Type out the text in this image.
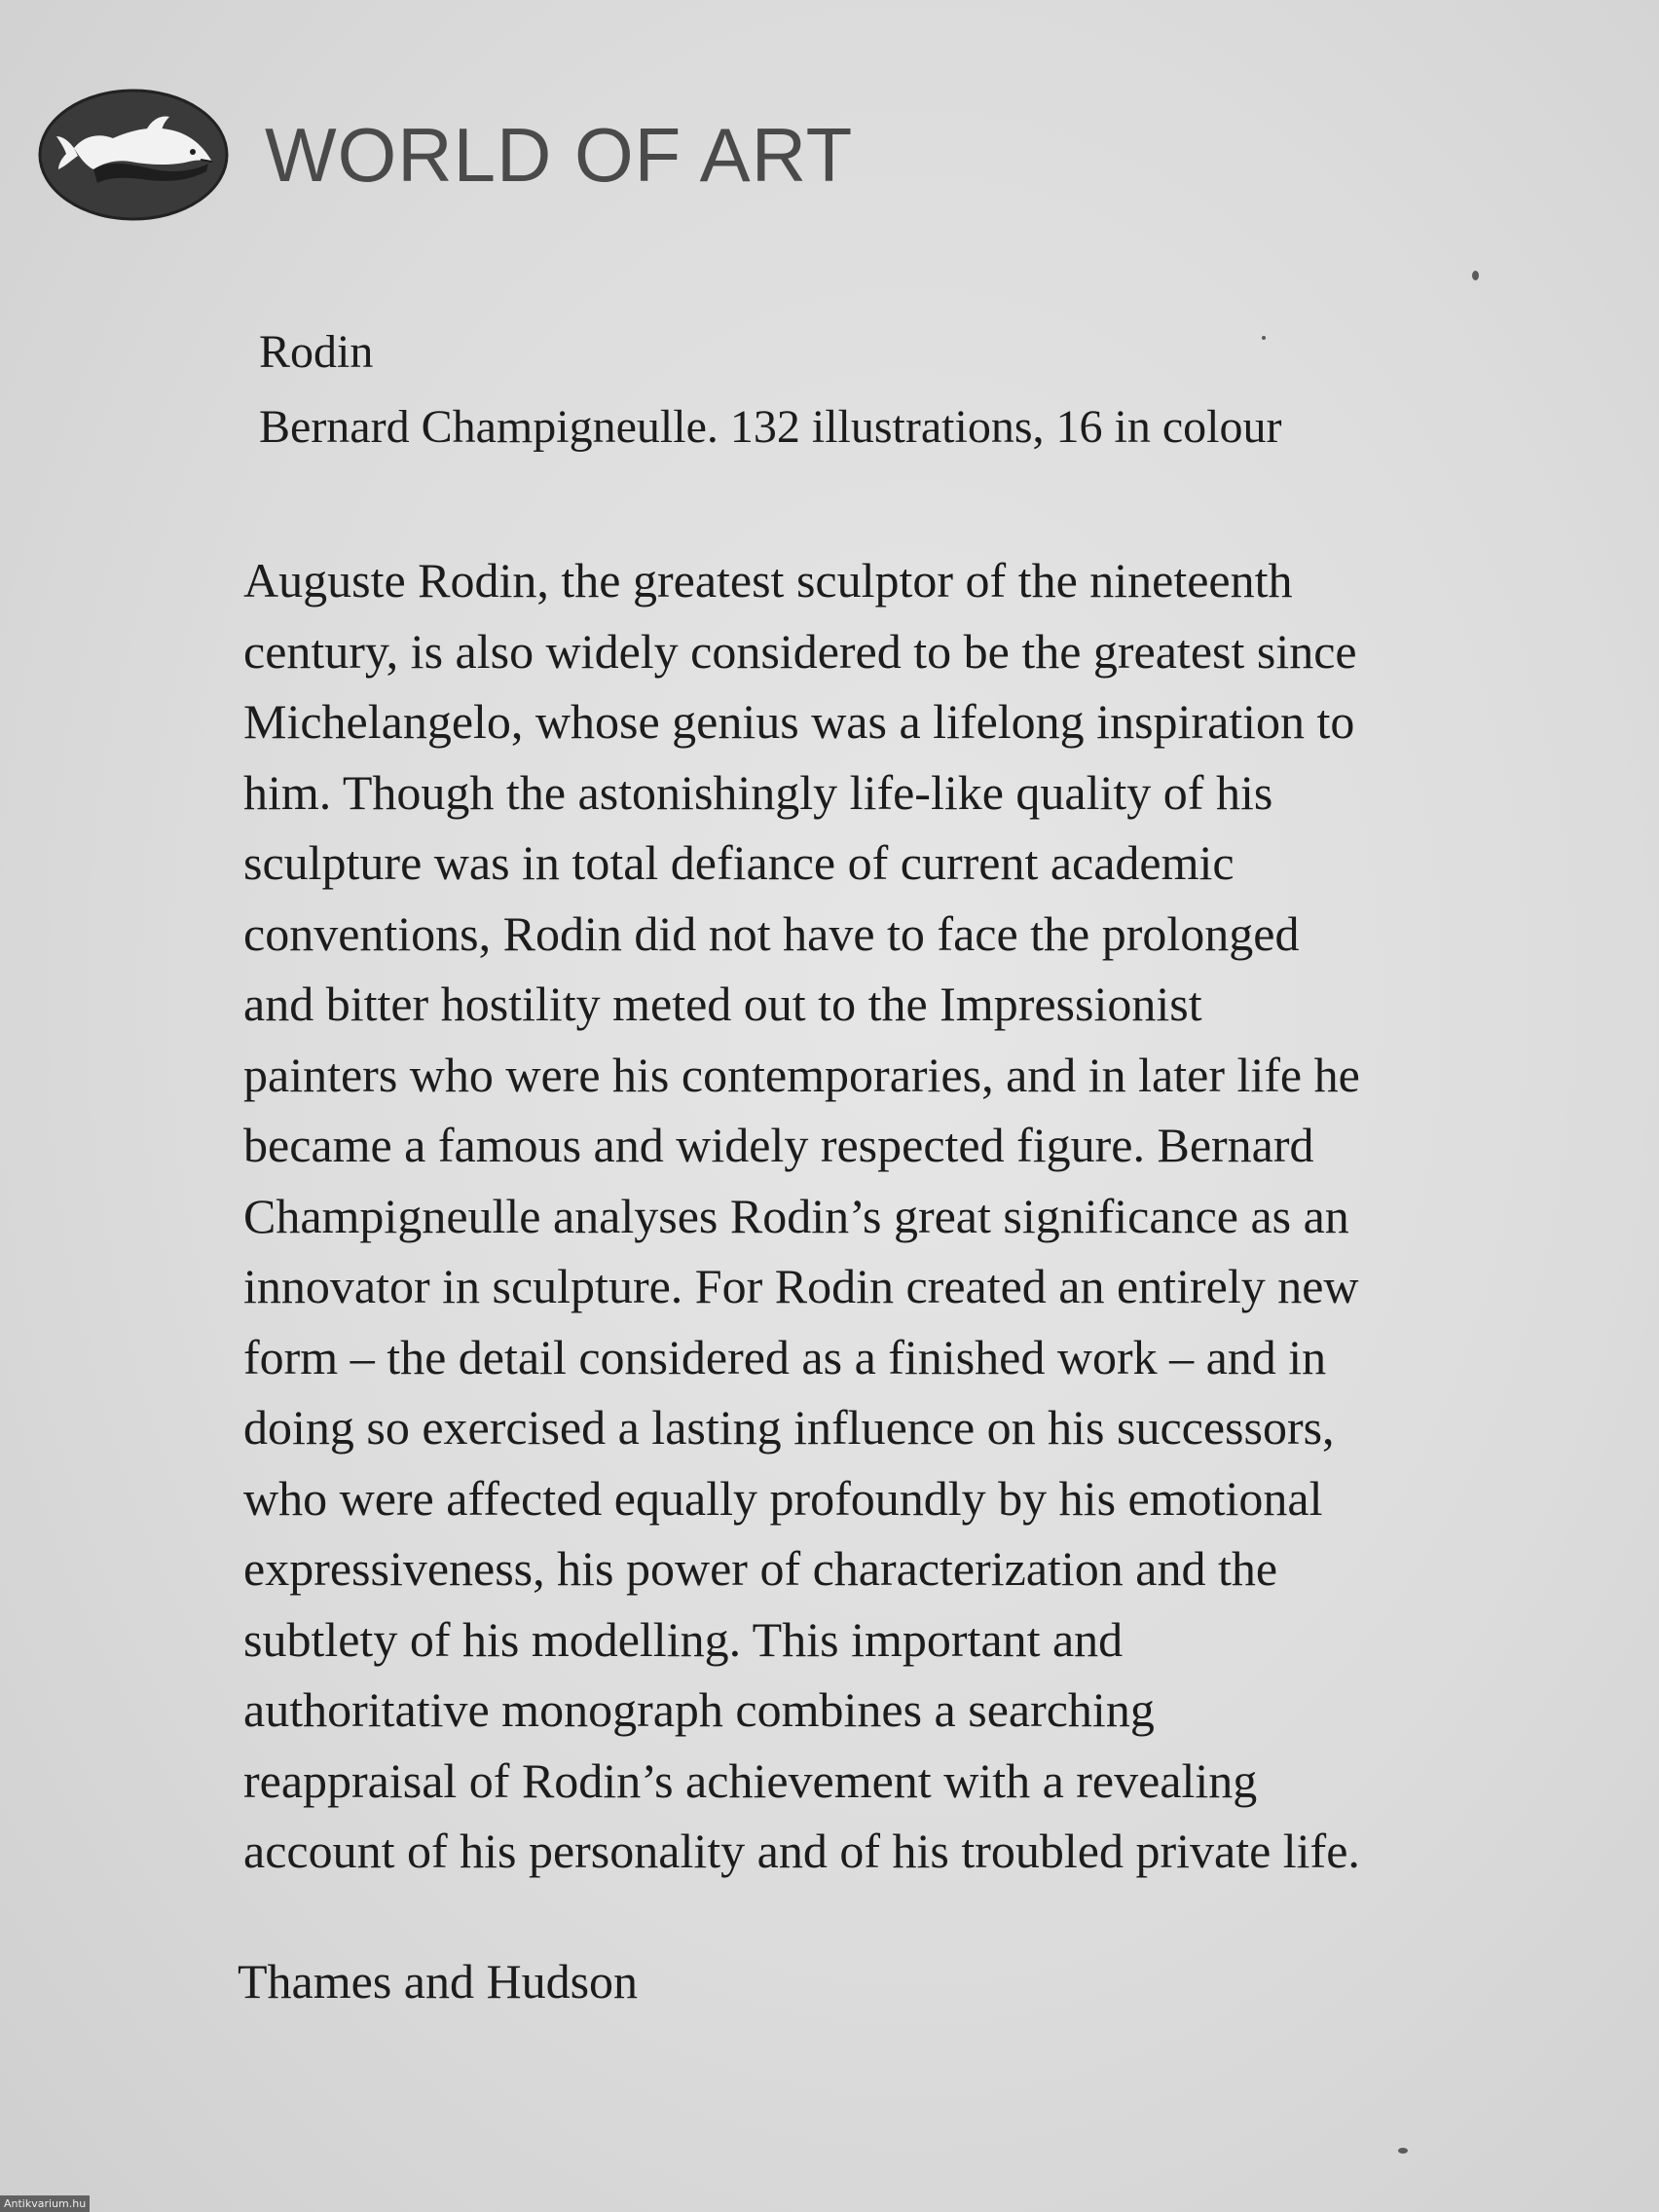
WORLD OF ART
Rodin
Bernard Champigneulle. 132 illustrations, 16 in colour
Auguste Rodin, the greatest sculptor of the nineteenth
century, is also widely considered to be the greatest since
Michelangelo, whose genius was a lifelong inspiration to
him. Though the astonishingly life-like quality of his
sculpture was in total defiance of current academic
conventions, Rodin did not have to face the prolonged
and bitter hostility meted out to the Impressionist
painters who were his contemporaries, and in later life he
became a famous and widely respected figure. Bernard
Champigneulle analyses Rodin’s great significance as an
innovator in sculpture. For Rodin created an entirely new
form – the detail considered as a finished work – and in
doing so exercised a lasting influence on his successors,
who were affected equally profoundly by his emotional
expressiveness, his power of characterization and the
subtlety of his modelling. This important and
authoritative monograph combines a searching
reappraisal of Rodin’s achievement with a revealing
account of his personality and of his troubled private life.
Thames and Hudson
Antikvarium.hu
